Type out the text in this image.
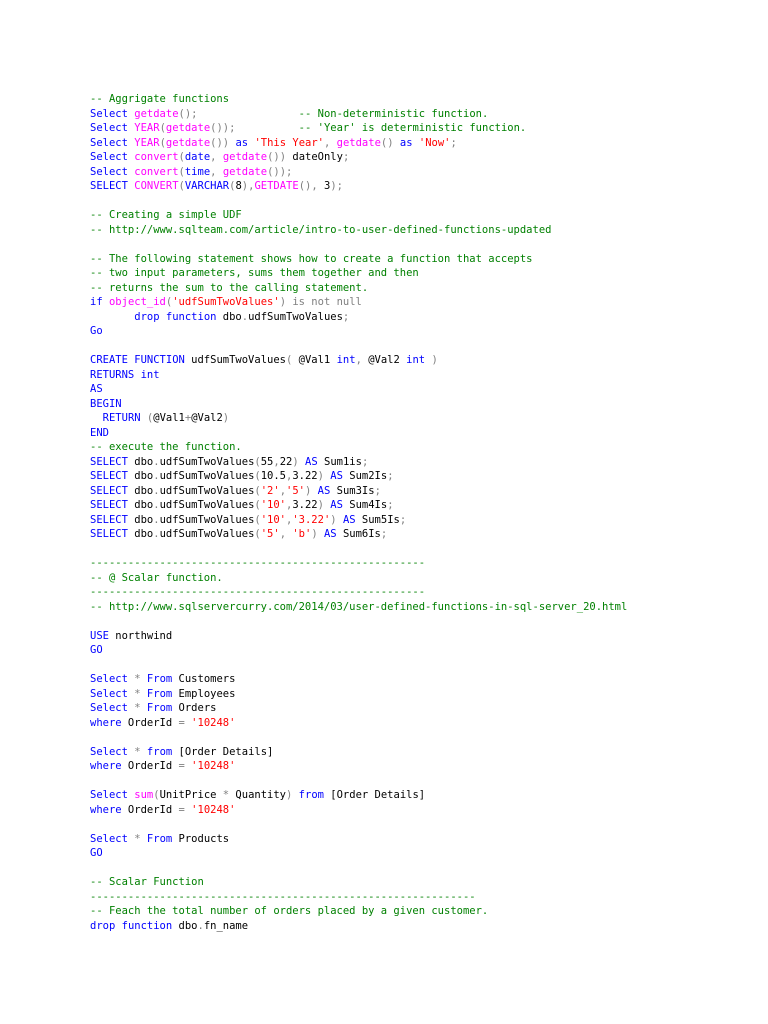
-- Aggrigate functions
Select getdate();	-- Non-deterministic function.
Select YEAR(getdate());	-- 'Year' is deterministic function.
Select YEAR(getdate()) as 'This Year', getdate() as 'Now';
Select convert(date, getdate()) dateOnly;
Select convert(time, getdate());
SELECT CONVERT(VARCHAR(8),GETDATE(), 3);
-- Creating a simple UDF
-- http://www.sqlteam.com/article/intro-to-user-defined-functions-updated
-- The following statement shows how to create a function that accepts
-- two input parameters, sums them together and then
-- returns the sum to the calling statement.
if object_id('udfSumTwoValues') is not null
drop function dbo.udfSumTwoValues;
Go
CREATE FUNCTION udfSumTwoValues( @Val1 int, @Val2 int )
RETURNS int
AS
BEGIN
RETURN (@Val1+@Val2)
END
-- execute the function.
SELECT dbo.udfSumTwoValues(55,22) AS Sum1is;
SELECT dbo.udfSumTwoValues(10.5,3.22) AS Sum2Is;
SELECT dbo.udfSumTwoValues('2','5') AS Sum3Is;
SELECT dbo.udfSumTwoValues('10',3.22) AS Sum4Is;
SELECT dbo.udfSumTwoValues('10','3.22') AS Sum5Is;
SELECT dbo.udfSumTwoValues('5', 'b') AS Sum6Is;
-----------------------------------------------------
-- @ Scalar function.
-----------------------------------------------------
-- http://www.sqlservercurry.com/2014/03/user-defined-functions-in-sql-server_20.html
USE northwind
GO
Select * From Customers
Select * From Employees
Select * From Orders
where OrderId = '10248'
Select * from [Order Details]
where OrderId = '10248'
Select sum(UnitPrice * Quantity) from [Order Details]
where OrderId = '10248'
Select * From Products
GO
-- Scalar Function
-------------------------------------------------------------
-- Feach the total number of orders placed by a given customer.
drop function dbo.fn_name
